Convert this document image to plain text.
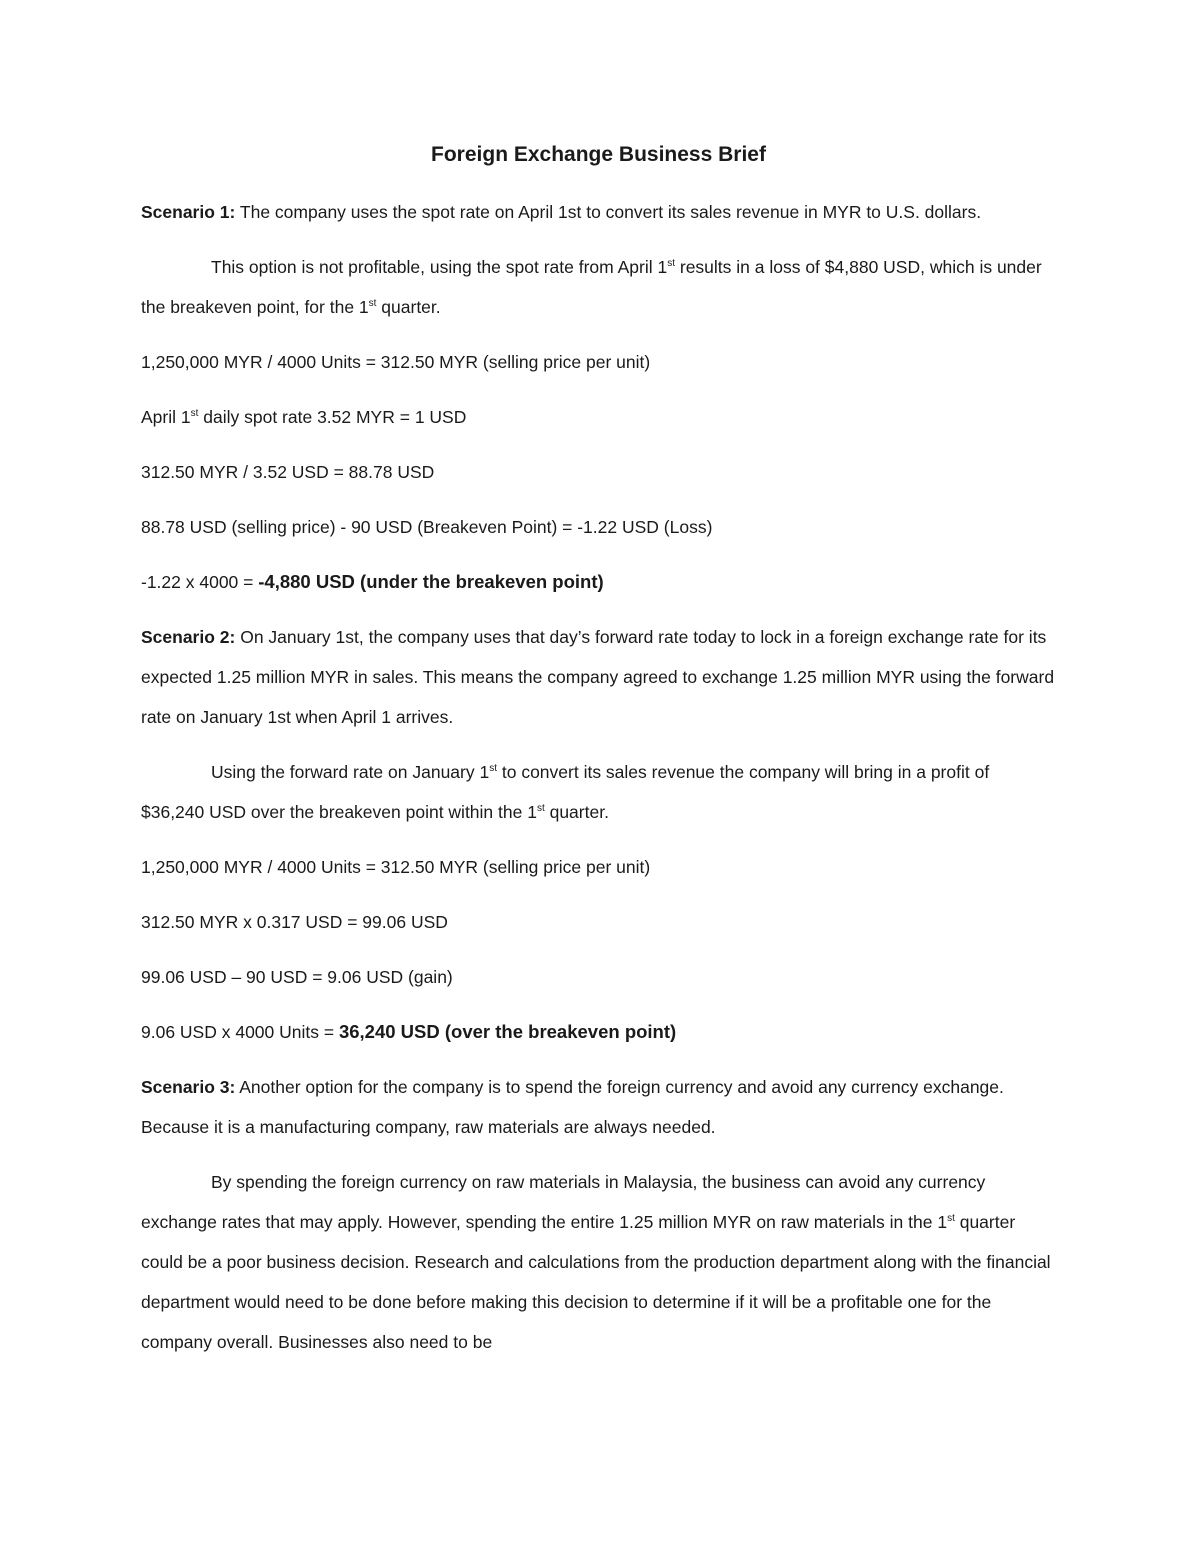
Foreign Exchange Business Brief

Scenario 1: The company uses the spot rate on April 1st to convert its sales revenue in MYR to U.S. dollars.

This option is not profitable, using the spot rate from April 1st results in a loss of $4,880 USD, which is under the breakeven point, for the 1st quarter.

1,250,000 MYR / 4000 Units = 312.50 MYR (selling price per unit)

April 1st daily spot rate 3.52 MYR = 1 USD

312.50 MYR / 3.52 USD = 88.78 USD

88.78 USD (selling price) - 90 USD (Breakeven Point) = -1.22 USD (Loss)

-1.22 x 4000 = -4,880 USD (under the breakeven point)

Scenario 2: On January 1st, the company uses that day’s forward rate today to lock in a foreign exchange rate for its expected 1.25 million MYR in sales. This means the company agreed to exchange 1.25 million MYR using the forward rate on January 1st when April 1 arrives.

Using the forward rate on January 1st to convert its sales revenue the company will bring in a profit of $36,240 USD over the breakeven point within the 1st quarter.

1,250,000 MYR / 4000 Units = 312.50 MYR (selling price per unit)

312.50 MYR x 0.317 USD = 99.06 USD

99.06 USD – 90 USD = 9.06 USD (gain)

9.06 USD x 4000 Units = 36,240 USD (over the breakeven point)

Scenario 3: Another option for the company is to spend the foreign currency and avoid any currency exchange. Because it is a manufacturing company, raw materials are always needed.

By spending the foreign currency on raw materials in Malaysia, the business can avoid any currency exchange rates that may apply. However, spending the entire 1.25 million MYR on raw materials in the 1st quarter could be a poor business decision. Research and calculations from the production department along with the financial department would need to be done before making this decision to determine if it will be a profitable one for the company overall. Businesses also need to be
